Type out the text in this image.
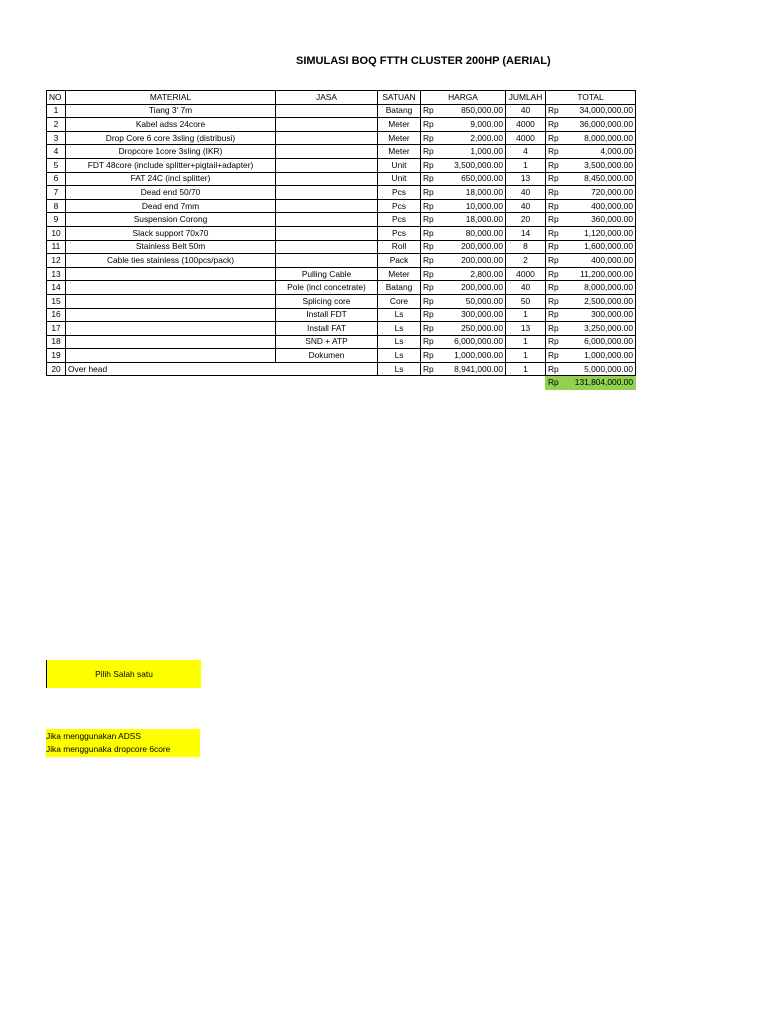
SIMULASI BOQ FTTH CLUSTER 200HP (AERIAL)
NO	MATERIAL	JASA	SATUAN	HARGA		JUMLAH	TOTAL	
1	Tiang 3' 7m		Batang	Rp	850,000.00	40	Rp	34,000,000.00
2	Kabel adss 24core		Meter	Rp	9,000.00	4000	Rp	36,000,000.00
3	Drop Core 6 core 3sling (distribusi)		Meter	Rp	2,000.00	4000	Rp	8,000,000.00
4	Dropcore 1core 3sling (IKR)		Meter	Rp	1,000.00	4	Rp	4,000.00
5	FDT 48core (include splitter+pigtail+adapter)		Unit	Rp	3,500,000.00	1	Rp	3,500,000.00
6	FAT 24C (incl splitter)		Unit	Rp	650,000.00	13	Rp	8,450,000.00
7	Dead end 50/70		Pcs	Rp	18,000.00	40	Rp	720,000.00
8	Dead end 7mm		Pcs	Rp	10,000.00	40	Rp	400,000.00
9	Suspension Corong		Pcs	Rp	18,000.00	20	Rp	360,000.00
10	Slack support 70x70		Pcs	Rp	80,000.00	14	Rp	1,120,000.00
11	Stainless Belt 50m		Roll	Rp	200,000.00	8	Rp	1,600,000.00
12	Cable ties stainless (100pcs/pack)		Pack	Rp	200,000.00	2	Rp	400,000.00
13		Pulling Cable	Meter	Rp	2,800.00	4000	Rp	11,200,000.00
14		Pole (incl concetrate)	Batang	Rp	200,000.00	40	Rp	8,000,000.00
15		Splicing core	Core	Rp	50,000.00	50	Rp	2,500,000.00
16		Install FDT	Ls	Rp	300,000.00	1	Rp	300,000.00
17		Install FAT	Ls	Rp	250,000.00	13	Rp	3,250,000.00
18		SND + ATP	Ls	Rp	6,000,000.00	1	Rp	6,000,000.00
19		Dokumen	Ls	Rp	1,000,000.00	1	Rp	1,000,000.00
20	Over head		Ls	Rp	8,941,000.00	1	Rp	5,000,000.00
							Rp	131,804,000.00
Pilih Salah satu
Jika menggunakan ADSS
Jika menggunaka dropcore 6core
